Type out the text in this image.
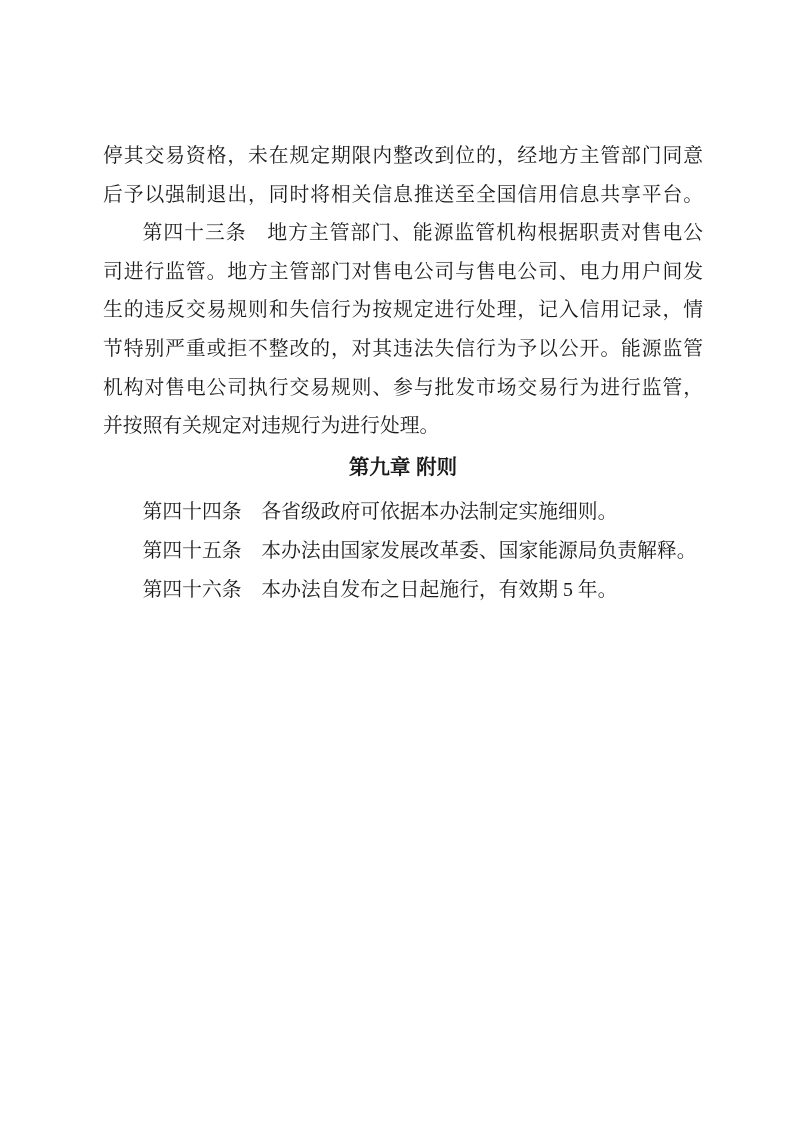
停其交易资格，未在规定期限内整改到位的，经地方主管部门同意
后予以强制退出，同时将相关信息推送至全国信用信息共享平台。
第四十三条　地方主管部门、能源监管机构根据职责对售电公
司进行监管。地方主管部门对售电公司与售电公司、电力用户间发
生的违反交易规则和失信行为按规定进行处理，记入信用记录，情
节特别严重或拒不整改的，对其违法失信行为予以公开。能源监管
机构对售电公司执行交易规则、参与批发市场交易行为进行监管，
并按照有关规定对违规行为进行处理。
第九章 附则
第四十四条　各省级政府可依据本办法制定实施细则。
第四十五条　本办法由国家发展改革委、国家能源局负责解释。
第四十六条　本办法自发布之日起施行，有效期 5 年。
